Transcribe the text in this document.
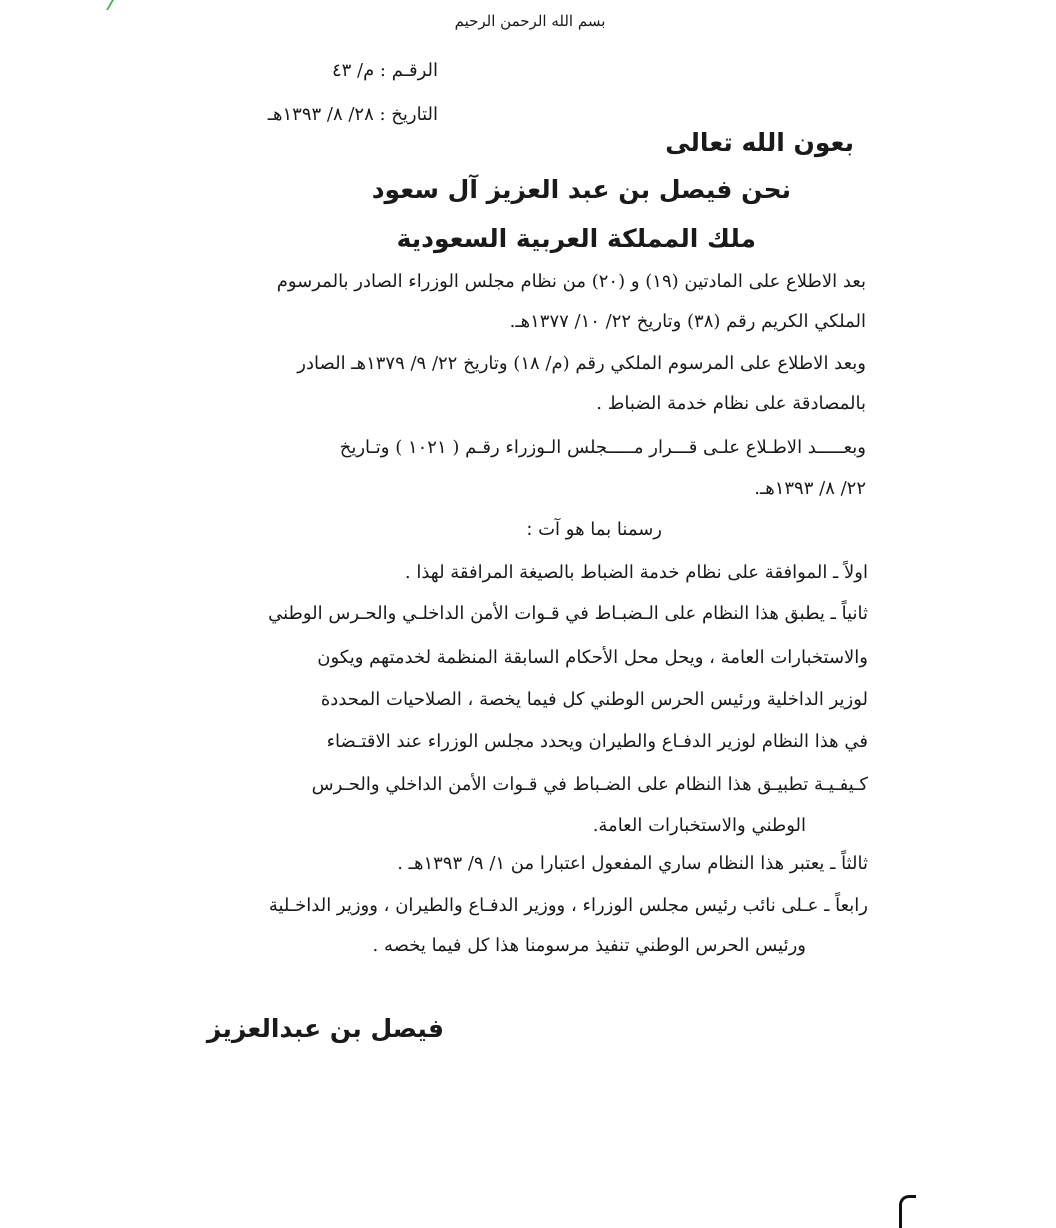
بسم الله الرحمن الرحيم
الرقـم : م/ ٤٣
التاريخ : ٢٨/ ٨/ ١٣٩٣هـ
بعون الله تعالى
نحن فيصل بن عبد العزيز آل سعود
ملك المملكة العربية السعودية
بعد الاطلاع على المادتين (١٩) و (٢٠) من نظام مجلس الوزراء الصادر بالمرسوم
الملكي الكريم رقم (٣٨) وتاريخ ٢٢/ ١٠/ ١٣٧٧هـ.
وبعد الاطلاع على المرسوم الملكي رقم (م/ ١٨) وتاريخ ٢٢/ ٩/ ١٣٧٩هـ الصادر
بالمصادقة على نظام خدمة الضباط .
وبعـــــد الاطـلاع علـى قـــرار مـــــجلس الـوزراء رقـم ( ١٠٢١ ) وتـاريخ
٢٢/ ٨/ ١٣٩٣هـ.
رسمنا بما هو آت :
اولاً ـ الموافقة على نظام خدمة الضباط بالصيغة المرافقة لهذا .
ثانياً ـ يطبق هذا النظام على الـضبـاط في قـوات الأمن الداخلـي والحـرس الوطني
والاستخبارات العامة ، ويحل محل الأحكام السابقة المنظمة لخدمتهم ويكون
لوزير الداخلية ورئيس الحرس الوطني كل فيما يخصة ، الصلاحيات المحددة
في هذا النظام لوزير الدفـاع والطيران ويحدد مجلس الوزراء عند الاقتـضاء
كـيفـيـة تطبيـق هذا النظام على الضـباط في قـوات الأمن الداخلي والحـرس
الوطني والاستخبارات العامة.
ثالثاً ـ يعتبر هذا النظام ساري المفعول اعتبارا من ١/ ٩/ ١٣٩٣هـ .
رابعاً ـ عـلى نائب رئيس مجلس الوزراء ، ووزير الدفـاع والطيران ، ووزير الداخـلية
ورئيس الحرس الوطني تنفيذ مرسومنا هذا كل فيما يخصه .
فيصل بن عبدالعزيز
